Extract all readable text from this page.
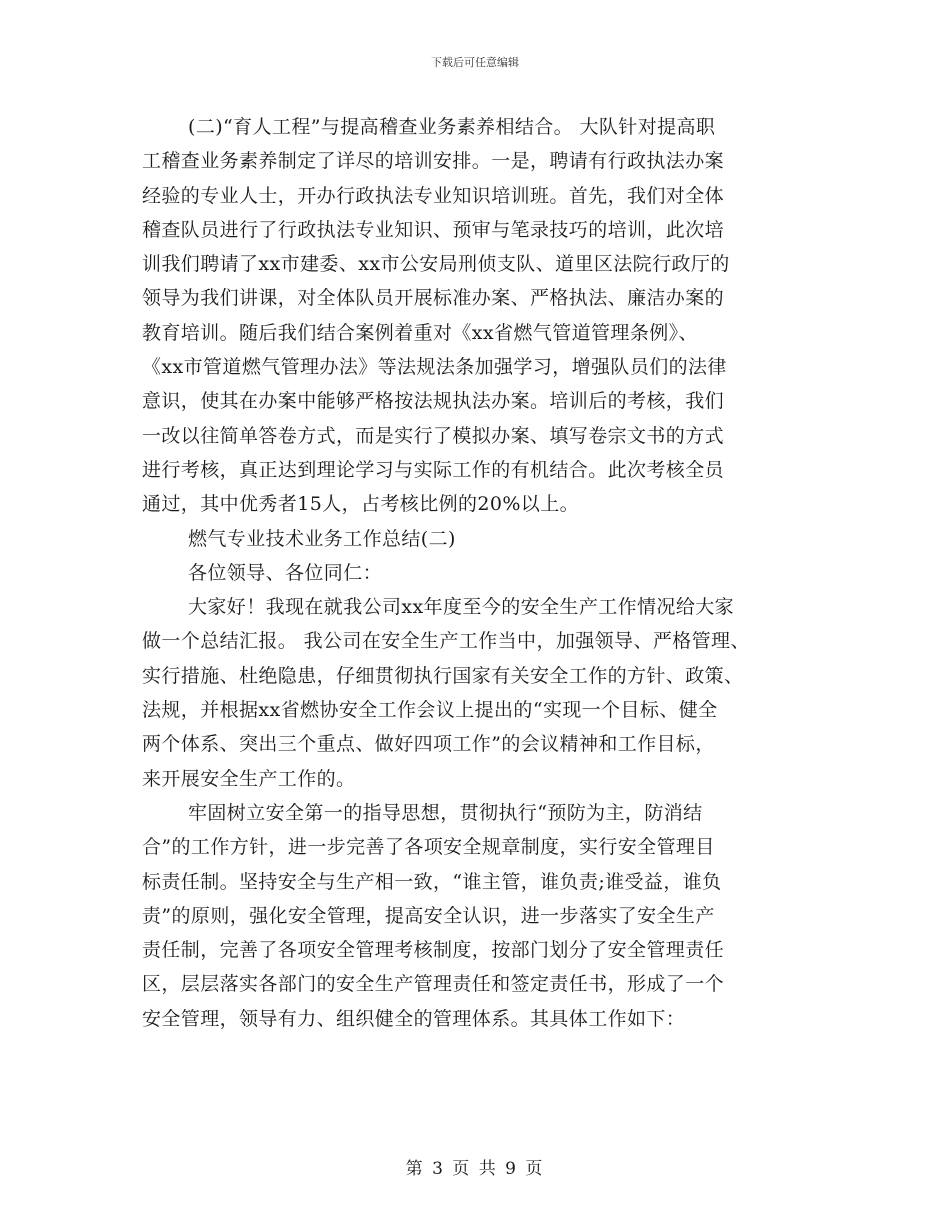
下载后可任意编辑
(二)“育人工程”与提高稽查业务素养相结合。 大队针对提高职
工稽查业务素养制定了详尽的培训安排。一是，聘请有行政执法办案
经验的专业人士，开办行政执法专业知识培训班。首先，我们对全体
稽查队员进行了行政执法专业知识、预审与笔录技巧的培训，此次培
训我们聘请了xx市建委、xx市公安局刑侦支队、道里区法院行政厅的
领导为我们讲课，对全体队员开展标准办案、严格执法、廉洁办案的
教育培训。随后我们结合案例着重对《xx省燃气管道管理条例》、
《xx市管道燃气管理办法》等法规法条加强学习，增强队员们的法律
意识，使其在办案中能够严格按法规执法办案。培训后的考核，我们
一改以往简单答卷方式，而是实行了模拟办案、填写卷宗文书的方式
进行考核，真正达到理论学习与实际工作的有机结合。此次考核全员
通过，其中优秀者15人，占考核比例的20%以上。
燃气专业技术业务工作总结(二)
各位领导、各位同仁：
大家好！我现在就我公司xx年度至今的安全生产工作情况给大家
做一个总结汇报。 我公司在安全生产工作当中，加强领导、严格管理、
实行措施、杜绝隐患，仔细贯彻执行国家有关安全工作的方针、政策、
法规，并根据xx省燃协安全工作会议上提出的“实现一个目标、健全
两个体系、突出三个重点、做好四项工作”的会议精神和工作目标，
来开展安全生产工作的。
牢固树立安全第一的指导思想，贯彻执行“预防为主，防消结
合”的工作方针，进一步完善了各项安全规章制度，实行安全管理目
标责任制。坚持安全与生产相一致，“谁主管，谁负责;谁受益，谁负
责”的原则，强化安全管理，提高安全认识，进一步落实了安全生产
责任制，完善了各项安全管理考核制度，按部门划分了安全管理责任
区，层层落实各部门的安全生产管理责任和签定责任书，形成了一个
安全管理，领导有力、组织健全的管理体系。其具体工作如下：
第 3 页 共 9 页
